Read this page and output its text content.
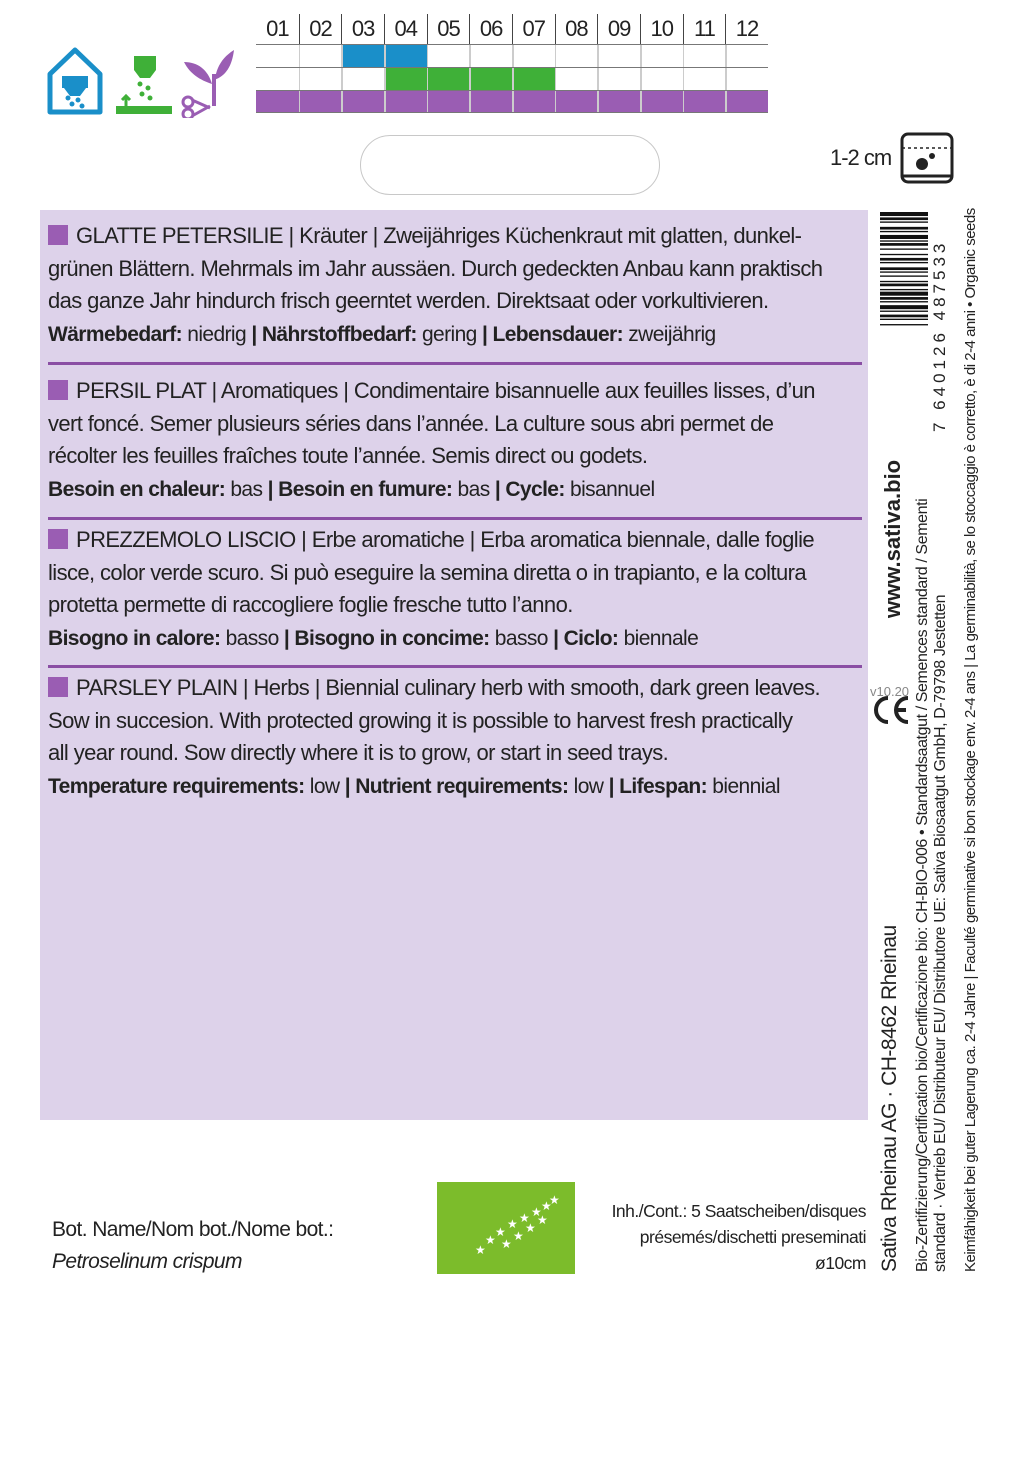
01 02 03 04 05 06 07 08 09 10 11 12
1-2 cm
GLATTE PETERSILIE | Kräuter | Zweijähriges Küchenkraut mit glatten, dunkel-
grünen Blättern. Mehrmals im Jahr aussäen. Durch gedeckten Anbau kann praktisch
das ganze Jahr hindurch frisch geerntet werden. Direktsaat oder vorkultivieren.
Wärmebedarf: niedrig | Nährstoffbedarf: gering | Lebensdauer: zweijährig
PERSIL PLAT | Aromatiques | Condimentaire bisannuelle aux feuilles lisses, d’un
vert foncé. Semer plusieurs séries dans l’année. La culture sous abri permet de
récolter les feuilles fraîches toute l’année. Semis direct ou godets.
Besoin en chaleur: bas | Besoin en fumure: bas | Cycle: bisannuel
PREZZEMOLO LISCIO | Erbe aromatiche | Erba aromatica biennale, dalle foglie
lisce, color verde scuro. Si può eseguire la semina diretta o in trapianto, e la coltura
protetta permette di raccogliere foglie fresche tutto l’anno.
Bisogno in calore: basso | Bisogno in concime: basso | Ciclo: biennale
PARSLEY PLAIN | Herbs | Biennial culinary herb with smooth, dark green leaves.
Sow in succesion. With protected growing it is possible to harvest fresh practically
all year round. Sow directly where it is to grow, or start in seed trays.
Temperature requirements: low | Nutrient requirements: low | Lifespan: biennial
7 640126 487533
www.sativa.bio
v10.20
Sativa Rheinau AG · CH-8462 Rheinau Bio-Zertifizierung/Certification bio/Certificazione bio: CH-BIO-006 • Standardsaatgut / Semences standard / Sementi standard · Vertrieb EU/ Distributeur EU/ Distributore UE: Sativa Biosaatgut GmbH, D-79798 Jestetten Keimfähigkeit bei guter Lagerung ca. 2-4 Jahre | Faculté germinative si bon stockage env. 2-4 ans | La germinabilità, se lo stoccaggio è corretto, è di 2-4 anni • Organic seeds
Bot. Name/Nom bot./Nome bot.:
Petroselinum crispum	★
★
★
★ ★ ★ ★
★
★
★
★
★
Inh./Cont.: 5 Saatscheiben/disques
présemés/dischetti preseminati
ø10cm
